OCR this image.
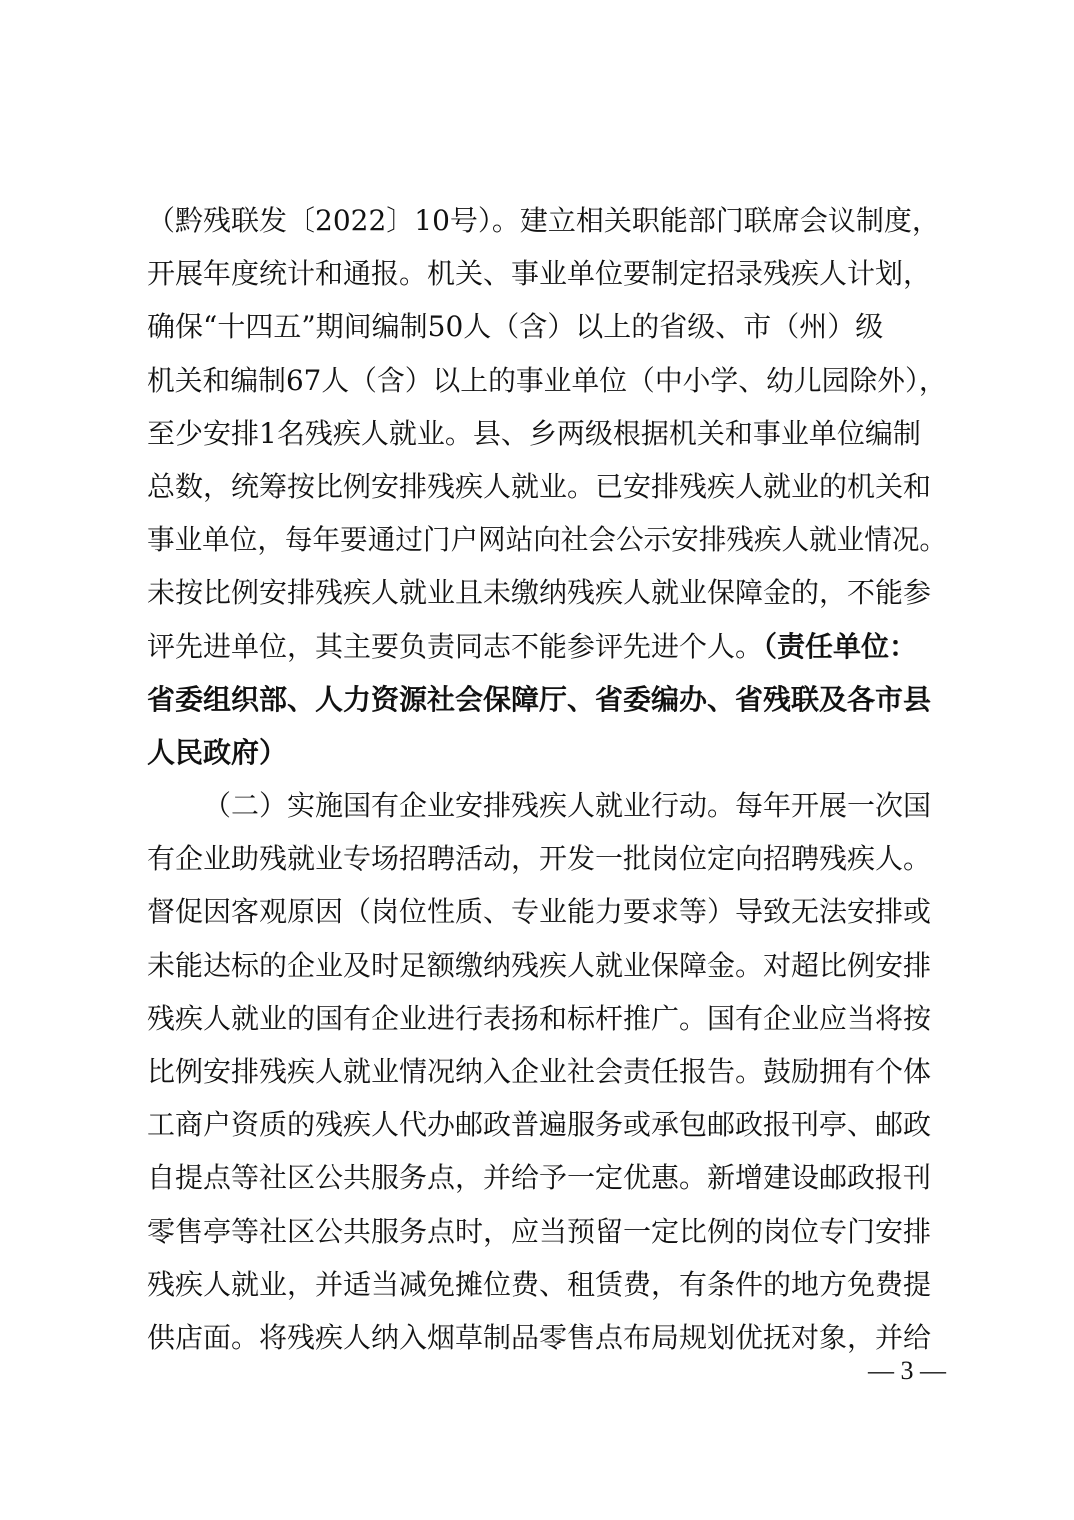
（黔残联发〔2022〕10号）。建立相关职能部门联席会议制度，
开展年度统计和通报。机关、事业单位要制定招录残疾人计划，
确保“十四五”期间编制50人（含）以上的省级、市（州）级
机关和编制67人（含）以上的事业单位（中小学、幼儿园除外），
至少安排1名残疾人就业。县、乡两级根据机关和事业单位编制
总数，统筹按比例安排残疾人就业。已安排残疾人就业的机关和
事业单位，每年要通过门户网站向社会公示安排残疾人就业情况。
未按比例安排残疾人就业且未缴纳残疾人就业保障金的，不能参
评先进单位，其主要负责同志不能参评先进个人。（责任单位：
省委组织部、人力资源社会保障厅、省委编办、省残联及各市县
人民政府）
（二）实施国有企业安排残疾人就业行动。每年开展一次国
有企业助残就业专场招聘活动，开发一批岗位定向招聘残疾人。
督促因客观原因（岗位性质、专业能力要求等）导致无法安排或
未能达标的企业及时足额缴纳残疾人就业保障金。对超比例安排
残疾人就业的国有企业进行表扬和标杆推广。国有企业应当将按
比例安排残疾人就业情况纳入企业社会责任报告。鼓励拥有个体
工商户资质的残疾人代办邮政普遍服务或承包邮政报刊亭、邮政
自提点等社区公共服务点，并给予一定优惠。新增建设邮政报刊
零售亭等社区公共服务点时，应当预留一定比例的岗位专门安排
残疾人就业，并适当减免摊位费、租赁费，有条件的地方免费提
供店面。将残疾人纳入烟草制品零售点布局规划优抚对象，并给
— 3 —
